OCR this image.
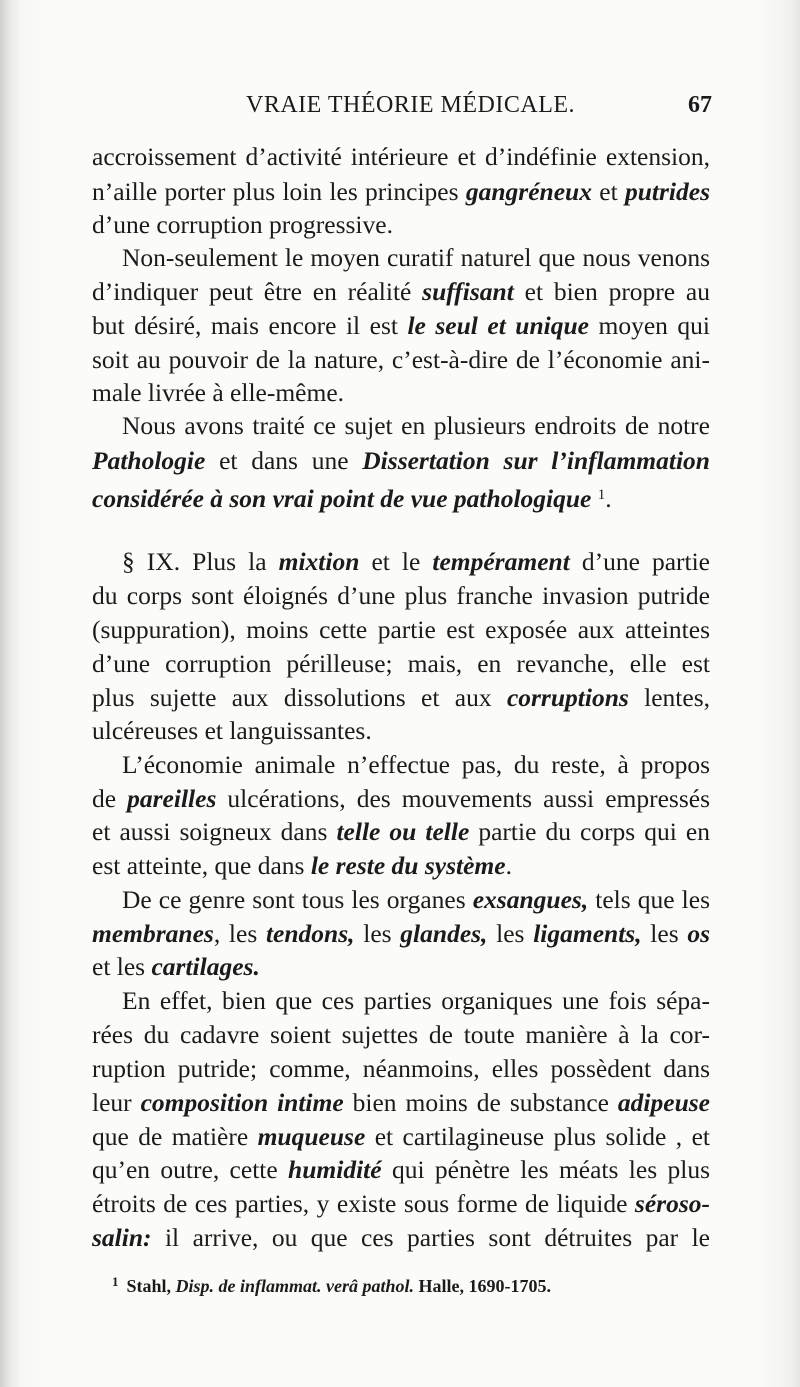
VRAIE THÉORIE MÉDICALE.	67
accroissement d’activité intérieure et d’indéfinie extension,
n’aille porter plus loin les principes gangréneux et putrides
d’une corruption progressive.
Non-seulement le moyen curatif naturel que nous venons
d’indiquer peut être en réalité suffisant et bien propre au
but désiré, mais encore il est le seul et unique moyen qui
soit au pouvoir de la nature, c’est-à-dire de l’économie ani-
male livrée à elle-même.
Nous avons traité ce sujet en plusieurs endroits de notre
Pathologie et dans une Dissertation sur l’inflammation
considérée à son vrai point de vue pathologique $^1$.
§ IX. Plus la mixtion et le tempérament d’une partie
du corps sont éloignés d’une plus franche invasion putride
(suppuration), moins cette partie est exposée aux atteintes
d’une corruption périlleuse; mais, en revanche, elle est
plus sujette aux dissolutions et aux corruptions lentes,
ulcéreuses et languissantes.
L’économie animale n’effectue pas, du reste, à propos
de pareilles ulcérations, des mouvements aussi empressés
et aussi soigneux dans telle ou telle partie du corps qui en
est atteinte, que dans le reste du système.
De ce genre sont tous les organes exsangues, tels que les
membranes, les tendons, les glandes, les ligaments, les os
et les cartilages.
En effet, bien que ces parties organiques une fois sépa-
rées du cadavre soient sujettes de toute manière à la cor-
ruption putride; comme, néanmoins, elles possèdent dans
leur composition intime bien moins de substance adipeuse
que de matière muqueuse et cartilagineuse plus solide , et
qu’en outre, cette humidité qui pénètre les méats les plus
étroits de ces parties, y existe sous forme de liquide séroso-
salin: il arrive, ou que ces parties sont détruites par le
$^1$ Stahl, Disp. de inflammat. verâ pathol. Halle, 1690-1705.
